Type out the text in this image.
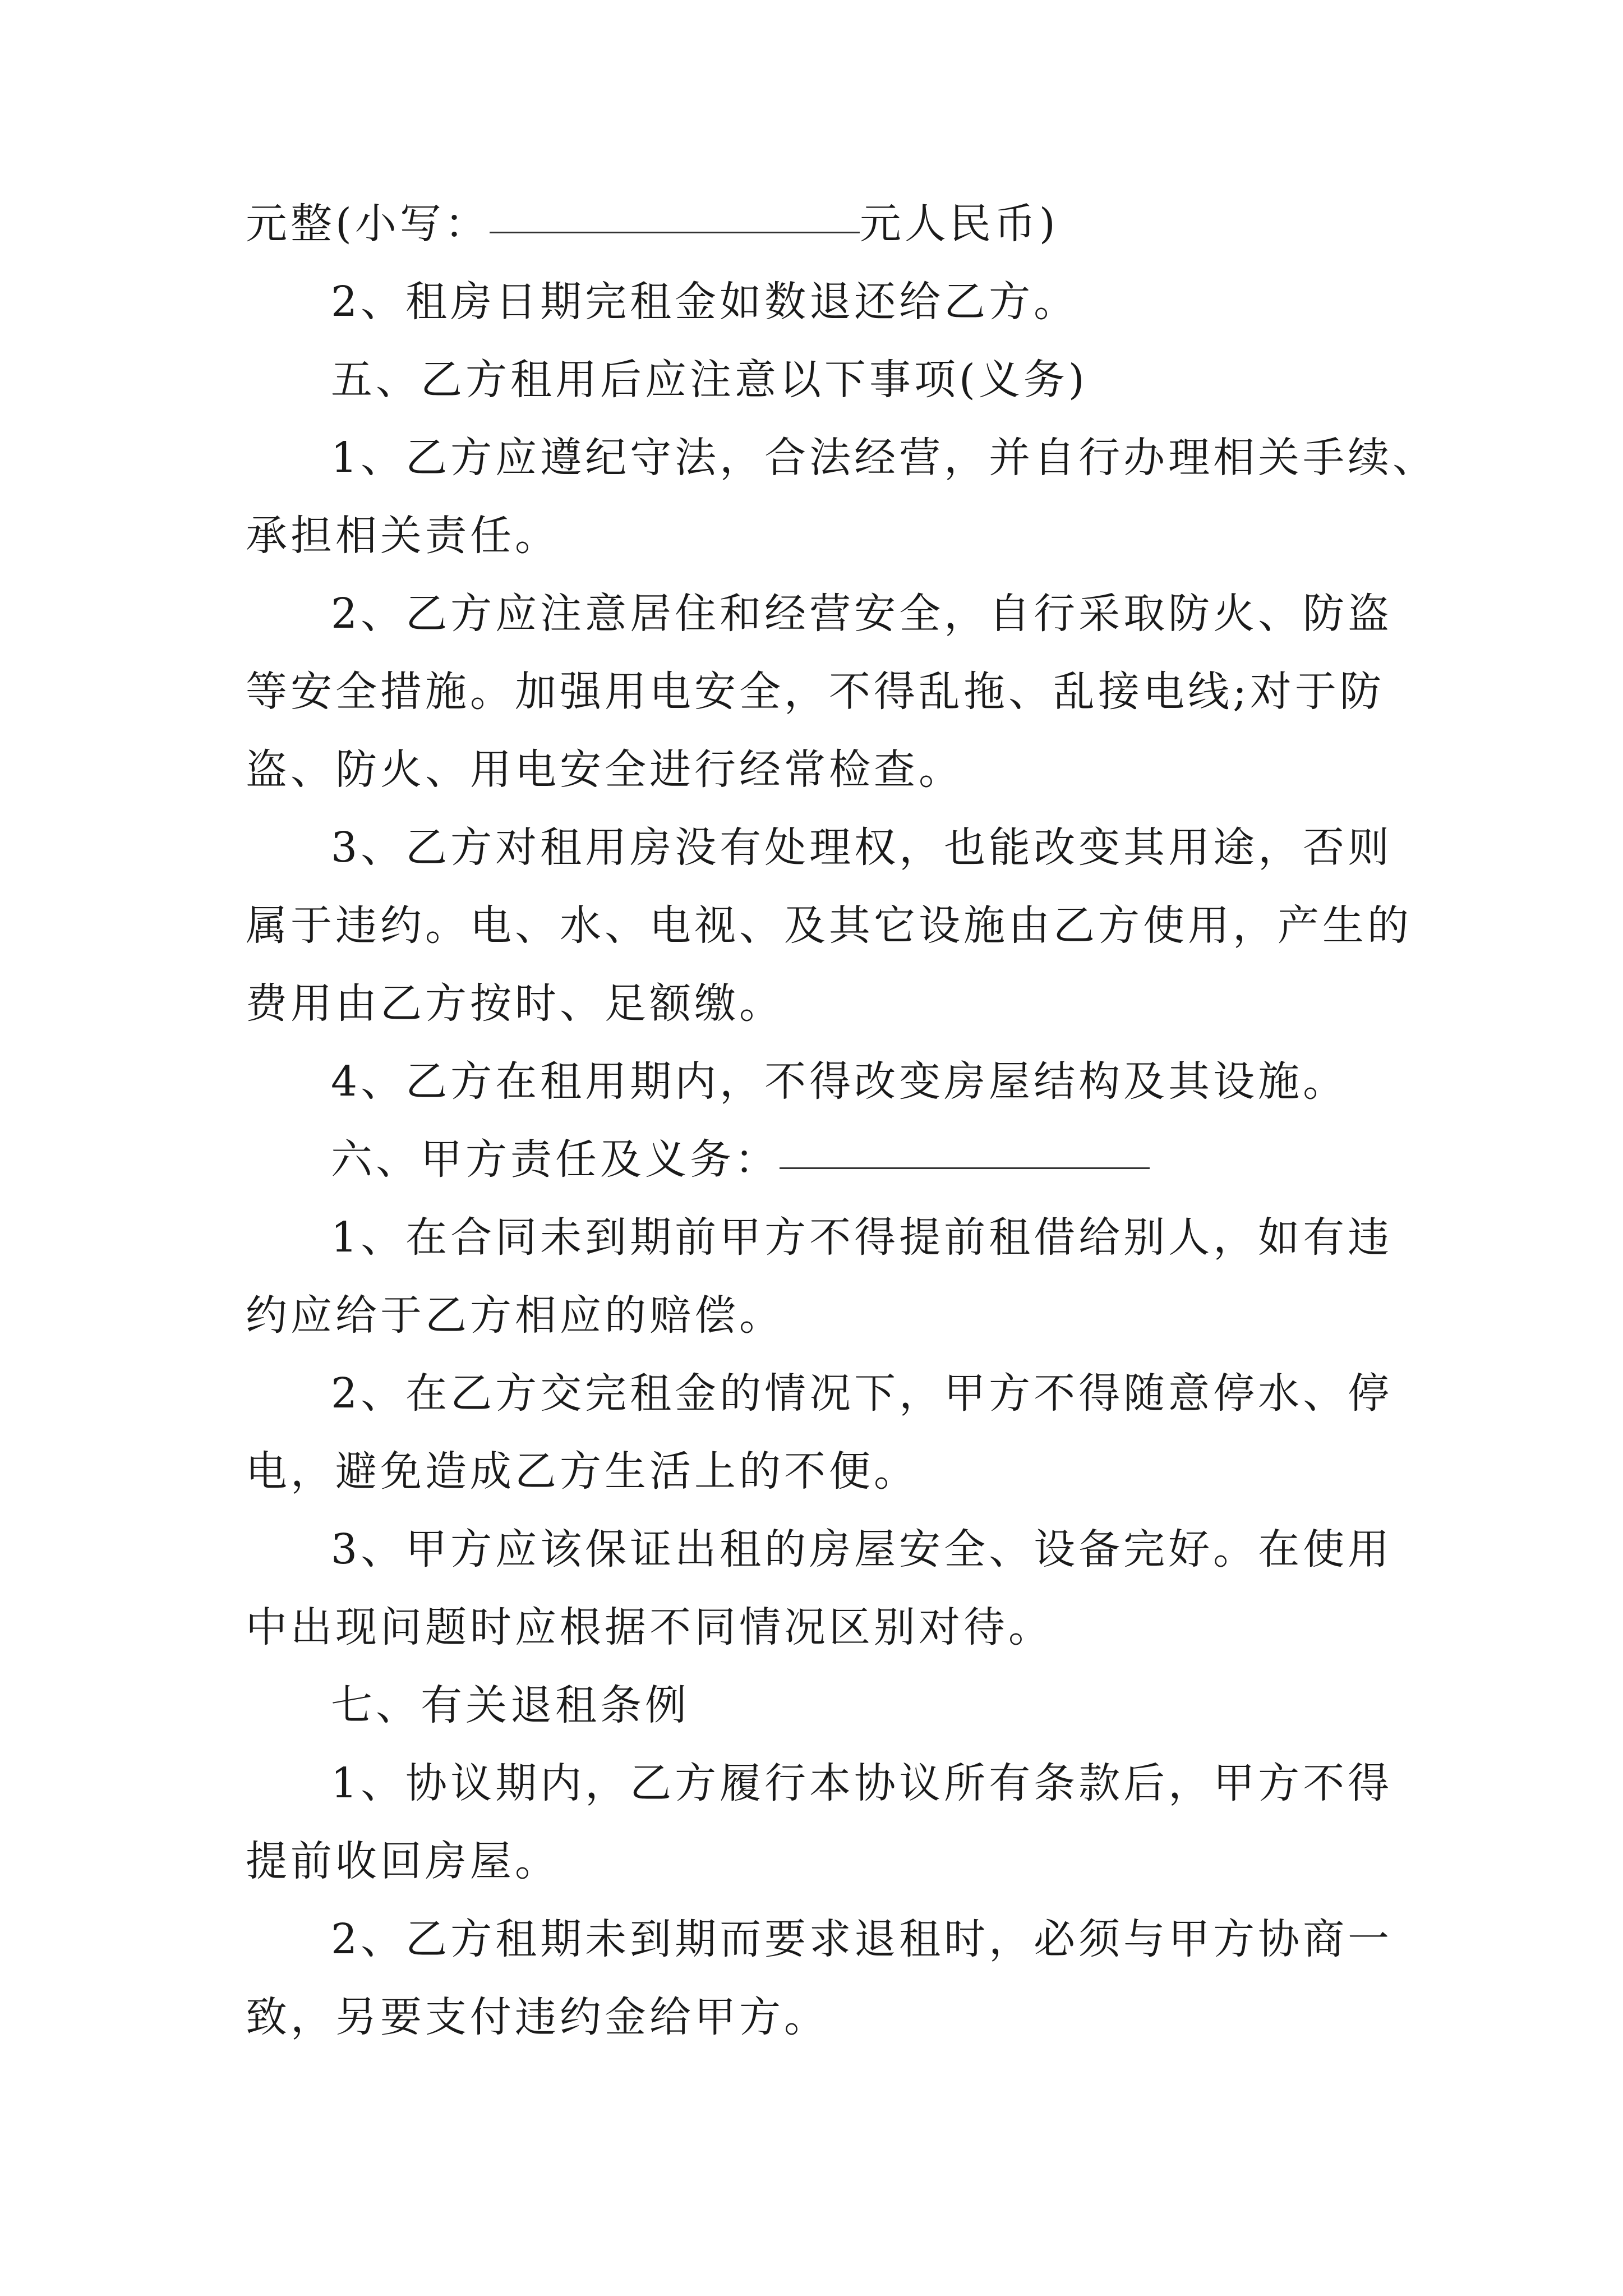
元整(小写：	元人民币)
2、租房日期完租金如数退还给乙方。
五、乙方租用后应注意以下事项(义务)
1、乙方应遵纪守法，合法经营，并自行办理相关手续、
承担相关责任。
2、乙方应注意居住和经营安全，自行采取防火、防盗
等安全措施。加强用电安全，不得乱拖、乱接电线;对于防
盗、防火、用电安全进行经常检查。
3、乙方对租用房没有处理权，也能改变其用途，否则
属于违约。电、水、电视、及其它设施由乙方使用，产生的
费用由乙方按时、足额缴。
4、乙方在租用期内，不得改变房屋结构及其设施。
六、甲方责任及义务：
1、在合同未到期前甲方不得提前租借给别人，如有违
约应给于乙方相应的赔偿。
2、在乙方交完租金的情况下，甲方不得随意停水、停
电，避免造成乙方生活上的不便。
3、甲方应该保证出租的房屋安全、设备完好。在使用
中出现问题时应根据不同情况区别对待。
七、有关退租条例
1、协议期内，乙方履行本协议所有条款后，甲方不得
提前收回房屋。
2、乙方租期未到期而要求退租时，必须与甲方协商一
致，另要支付违约金给甲方。
